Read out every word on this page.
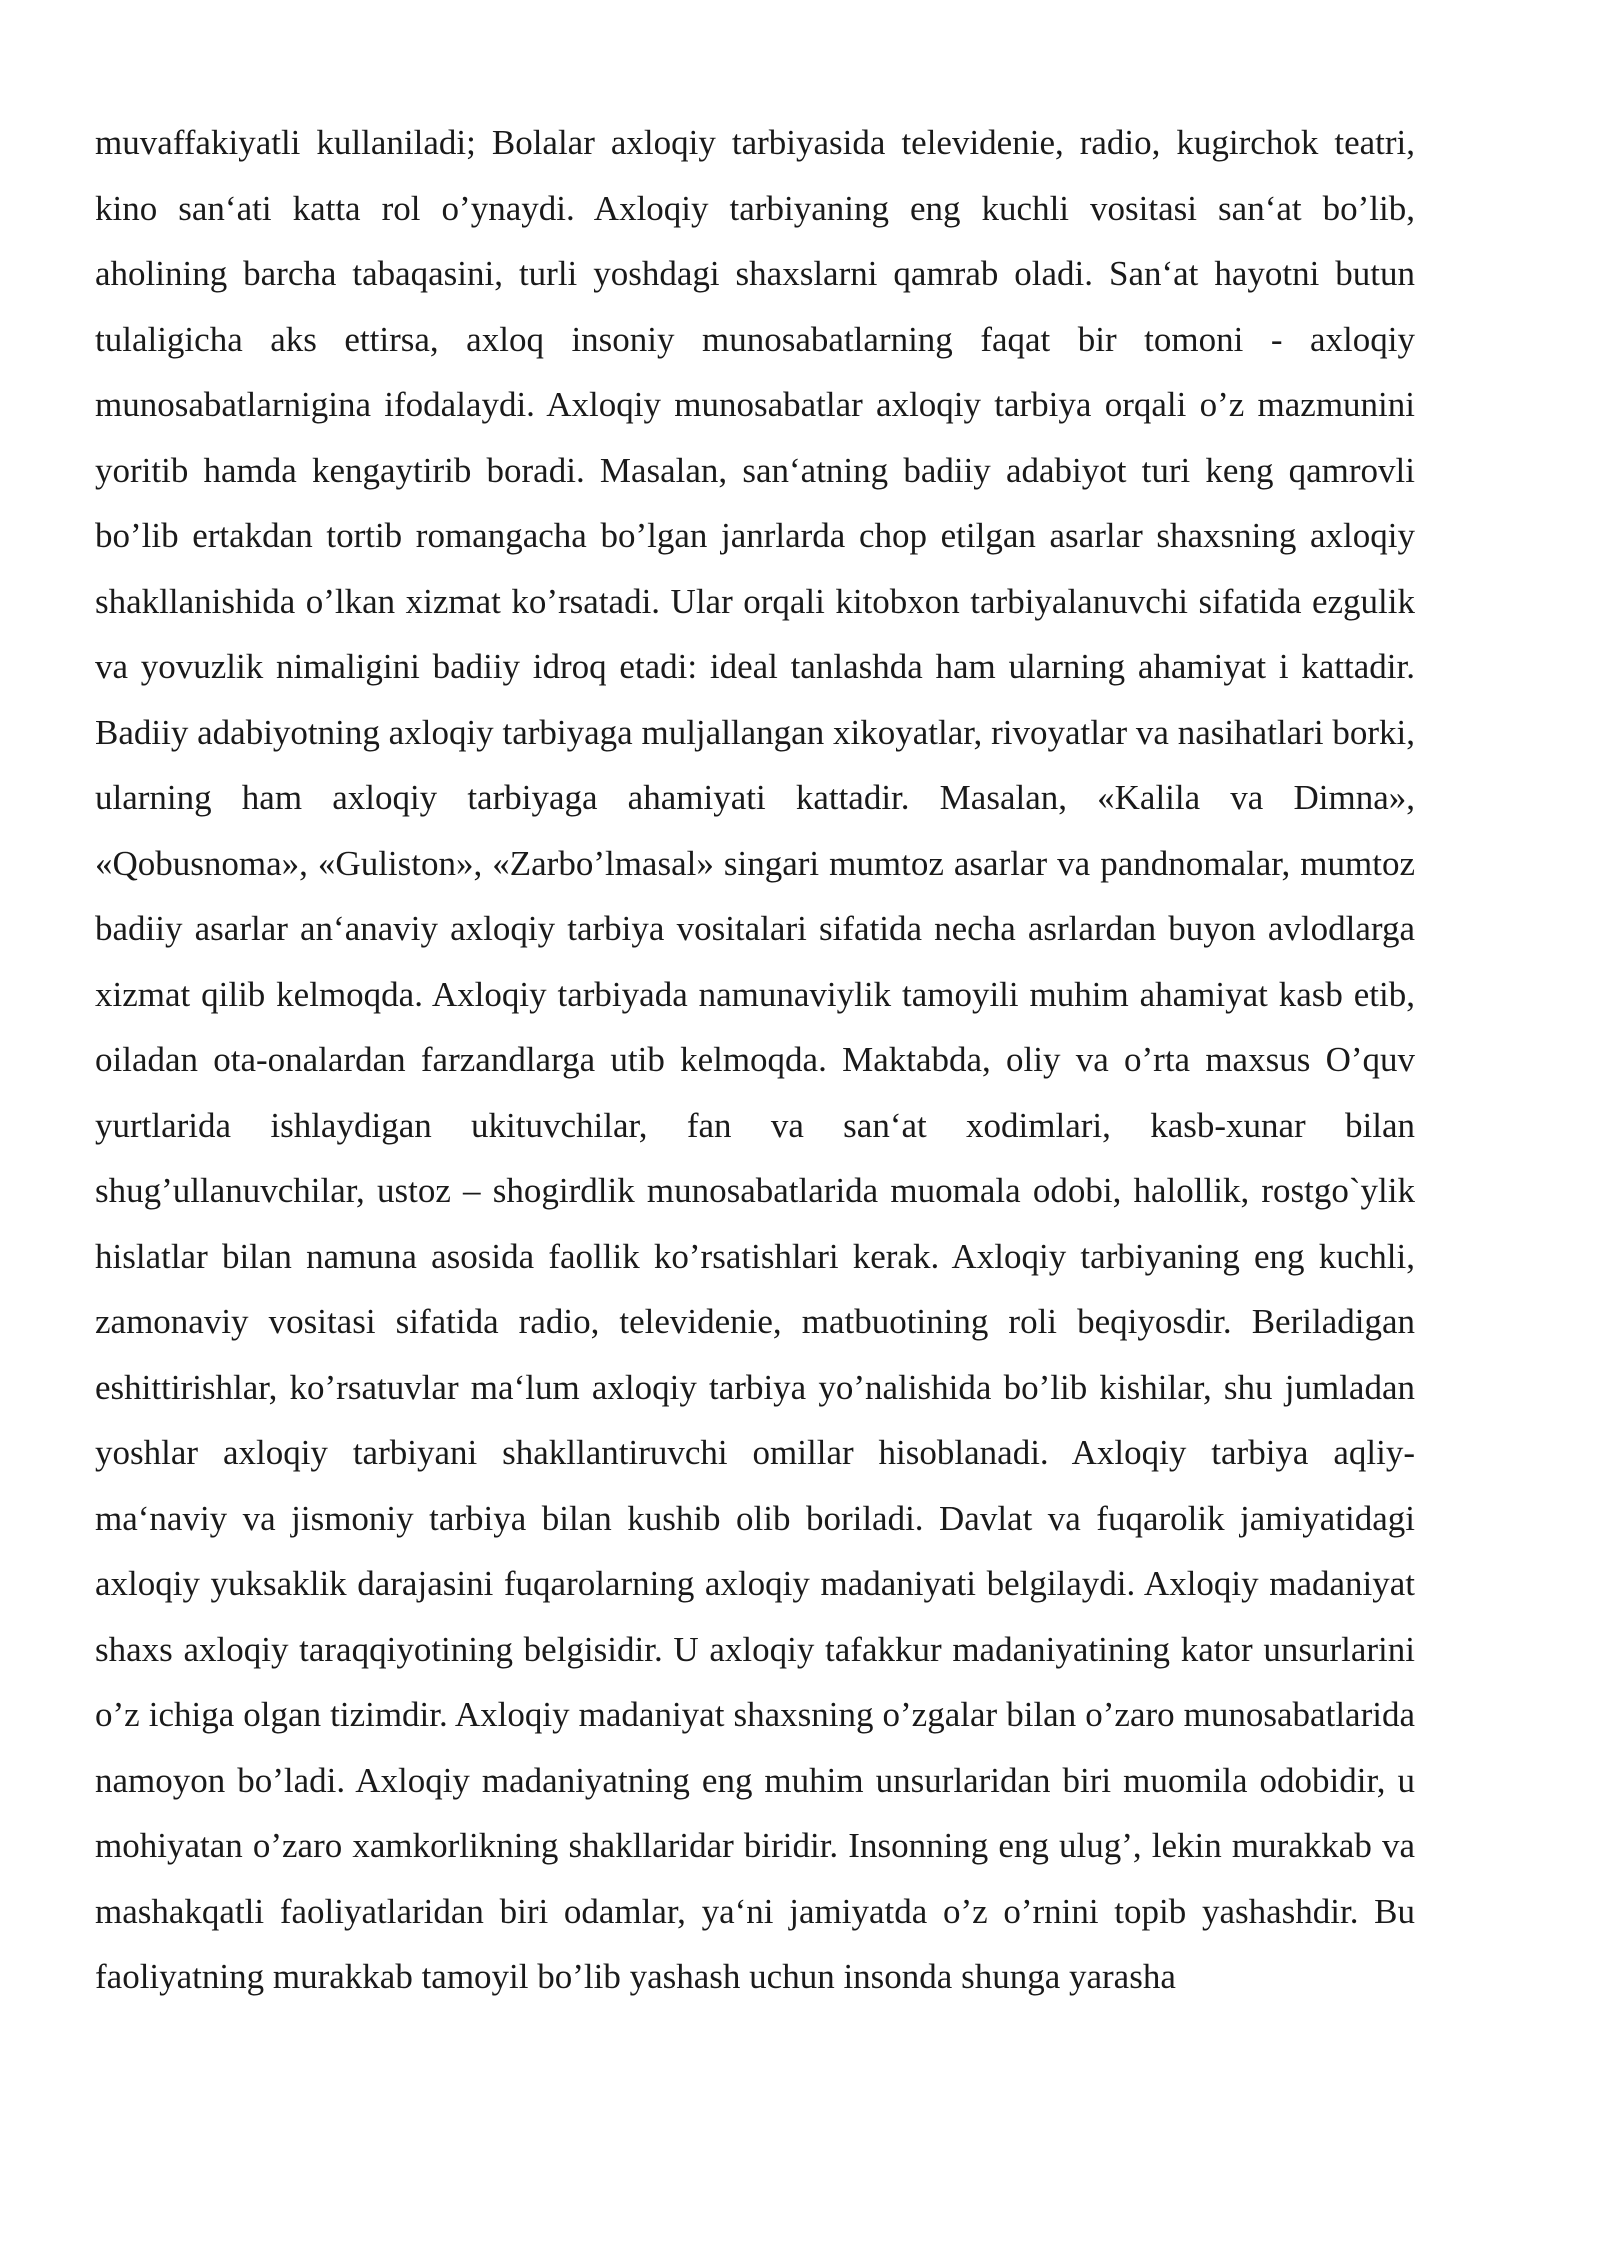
muvaffakiyatli kullaniladi; Bolalar axloqiy tarbiyasida televidenie, radio, kugirchok teatri, kino san‘ati katta rol o’ynaydi. Axloqiy tarbiyaning eng kuchli vositasi san‘at bo’lib, aholining barcha tabaqasini, turli yoshdagi shaxslarni qamrab oladi. San‘at hayotni butun tulaligicha aks ettirsa, axloq insoniy munosabatlarning faqat bir tomoni - axloqiy munosabatlarnigina ifodalaydi. Axloqiy munosabatlar axloqiy tarbiya orqali o’z mazmunini yoritib hamda kengaytirib boradi. Masalan, san‘atning badiiy adabiyot turi keng qamrovli bo’lib ertakdan tortib romangacha bo’lgan janrlarda chop etilgan asarlar shaxsning axloqiy shakllanishida o’lkan xizmat ko’rsatadi. Ular orqali kitobxon tarbiyalanuvchi sifatida ezgulik va yovuzlik nimaligini badiiy idroq etadi: ideal tanlashda ham ularning ahamiyat i kattadir. Badiiy adabiyotning axloqiy tarbiyaga muljallangan xikoyatlar, rivoyatlar va nasihatlari borki, ularning ham axloqiy tarbiyaga ahamiyati kattadir. Masalan, «Kalila va Dimna», «Qobusnoma», «Guliston», «Zarbo’lmasal» singari mumtoz asarlar va pandnomalar, mumtoz badiiy asarlar an‘anaviy axloqiy tarbiya vositalari sifatida necha asrlardan buyon avlodlarga xizmat qilib kelmoqda. Axloqiy tarbiyada namunaviylik tamoyili muhim ahamiyat kasb etib, oiladan ota-onalardan farzandlarga utib kelmoqda. Maktabda, oliy va o’rta maxsus O’quv yurtlarida ishlaydigan ukituvchilar, fan va san‘at xodimlari, kasb-xunar bilan shug’ullanuvchilar, ustoz – shogirdlik munosabatlarida muomala odobi, halollik, rostgo`ylik hislatlar bilan namuna asosida faollik ko’rsatishlari kerak. Axloqiy tarbiyaning eng kuchli, zamonaviy vositasi sifatida radio, televidenie, matbuotining roli beqiyosdir. Beriladigan eshittirishlar, ko’rsatuvlar ma‘lum axloqiy tarbiya yo’nalishida bo’lib kishilar, shu jumladan yoshlar axloqiy tarbiyani shakllantiruvchi omillar hisoblanadi. Axloqiy tarbiya aqliy-ma‘naviy va jismoniy tarbiya bilan kushib olib boriladi. Davlat va fuqarolik jamiyatidagi axloqiy yuksaklik darajasini fuqarolarning axloqiy madaniyati belgilaydi. Axloqiy madaniyat shaxs axloqiy taraqqiyotining belgisidir. U axloqiy tafakkur madaniyatining kator unsurlarini o’z ichiga olgan tizimdir. Axloqiy madaniyat shaxsning o’zgalar bilan o’zaro munosabatlarida namoyon bo’ladi. Axloqiy madaniyatning eng muhim unsurlaridan biri muomila odobidir, u mohiyatan o’zaro xamkorlikning shakllaridar biridir. Insonning eng ulug’, lekin murakkab va mashakqatli faoliyatlaridan biri odamlar, ya‘ni jamiyatda o’z o’rnini topib yashashdir. Bu faoliyatning murakkab tamoyil bo’lib yashash uchun insonda shunga yarasha
